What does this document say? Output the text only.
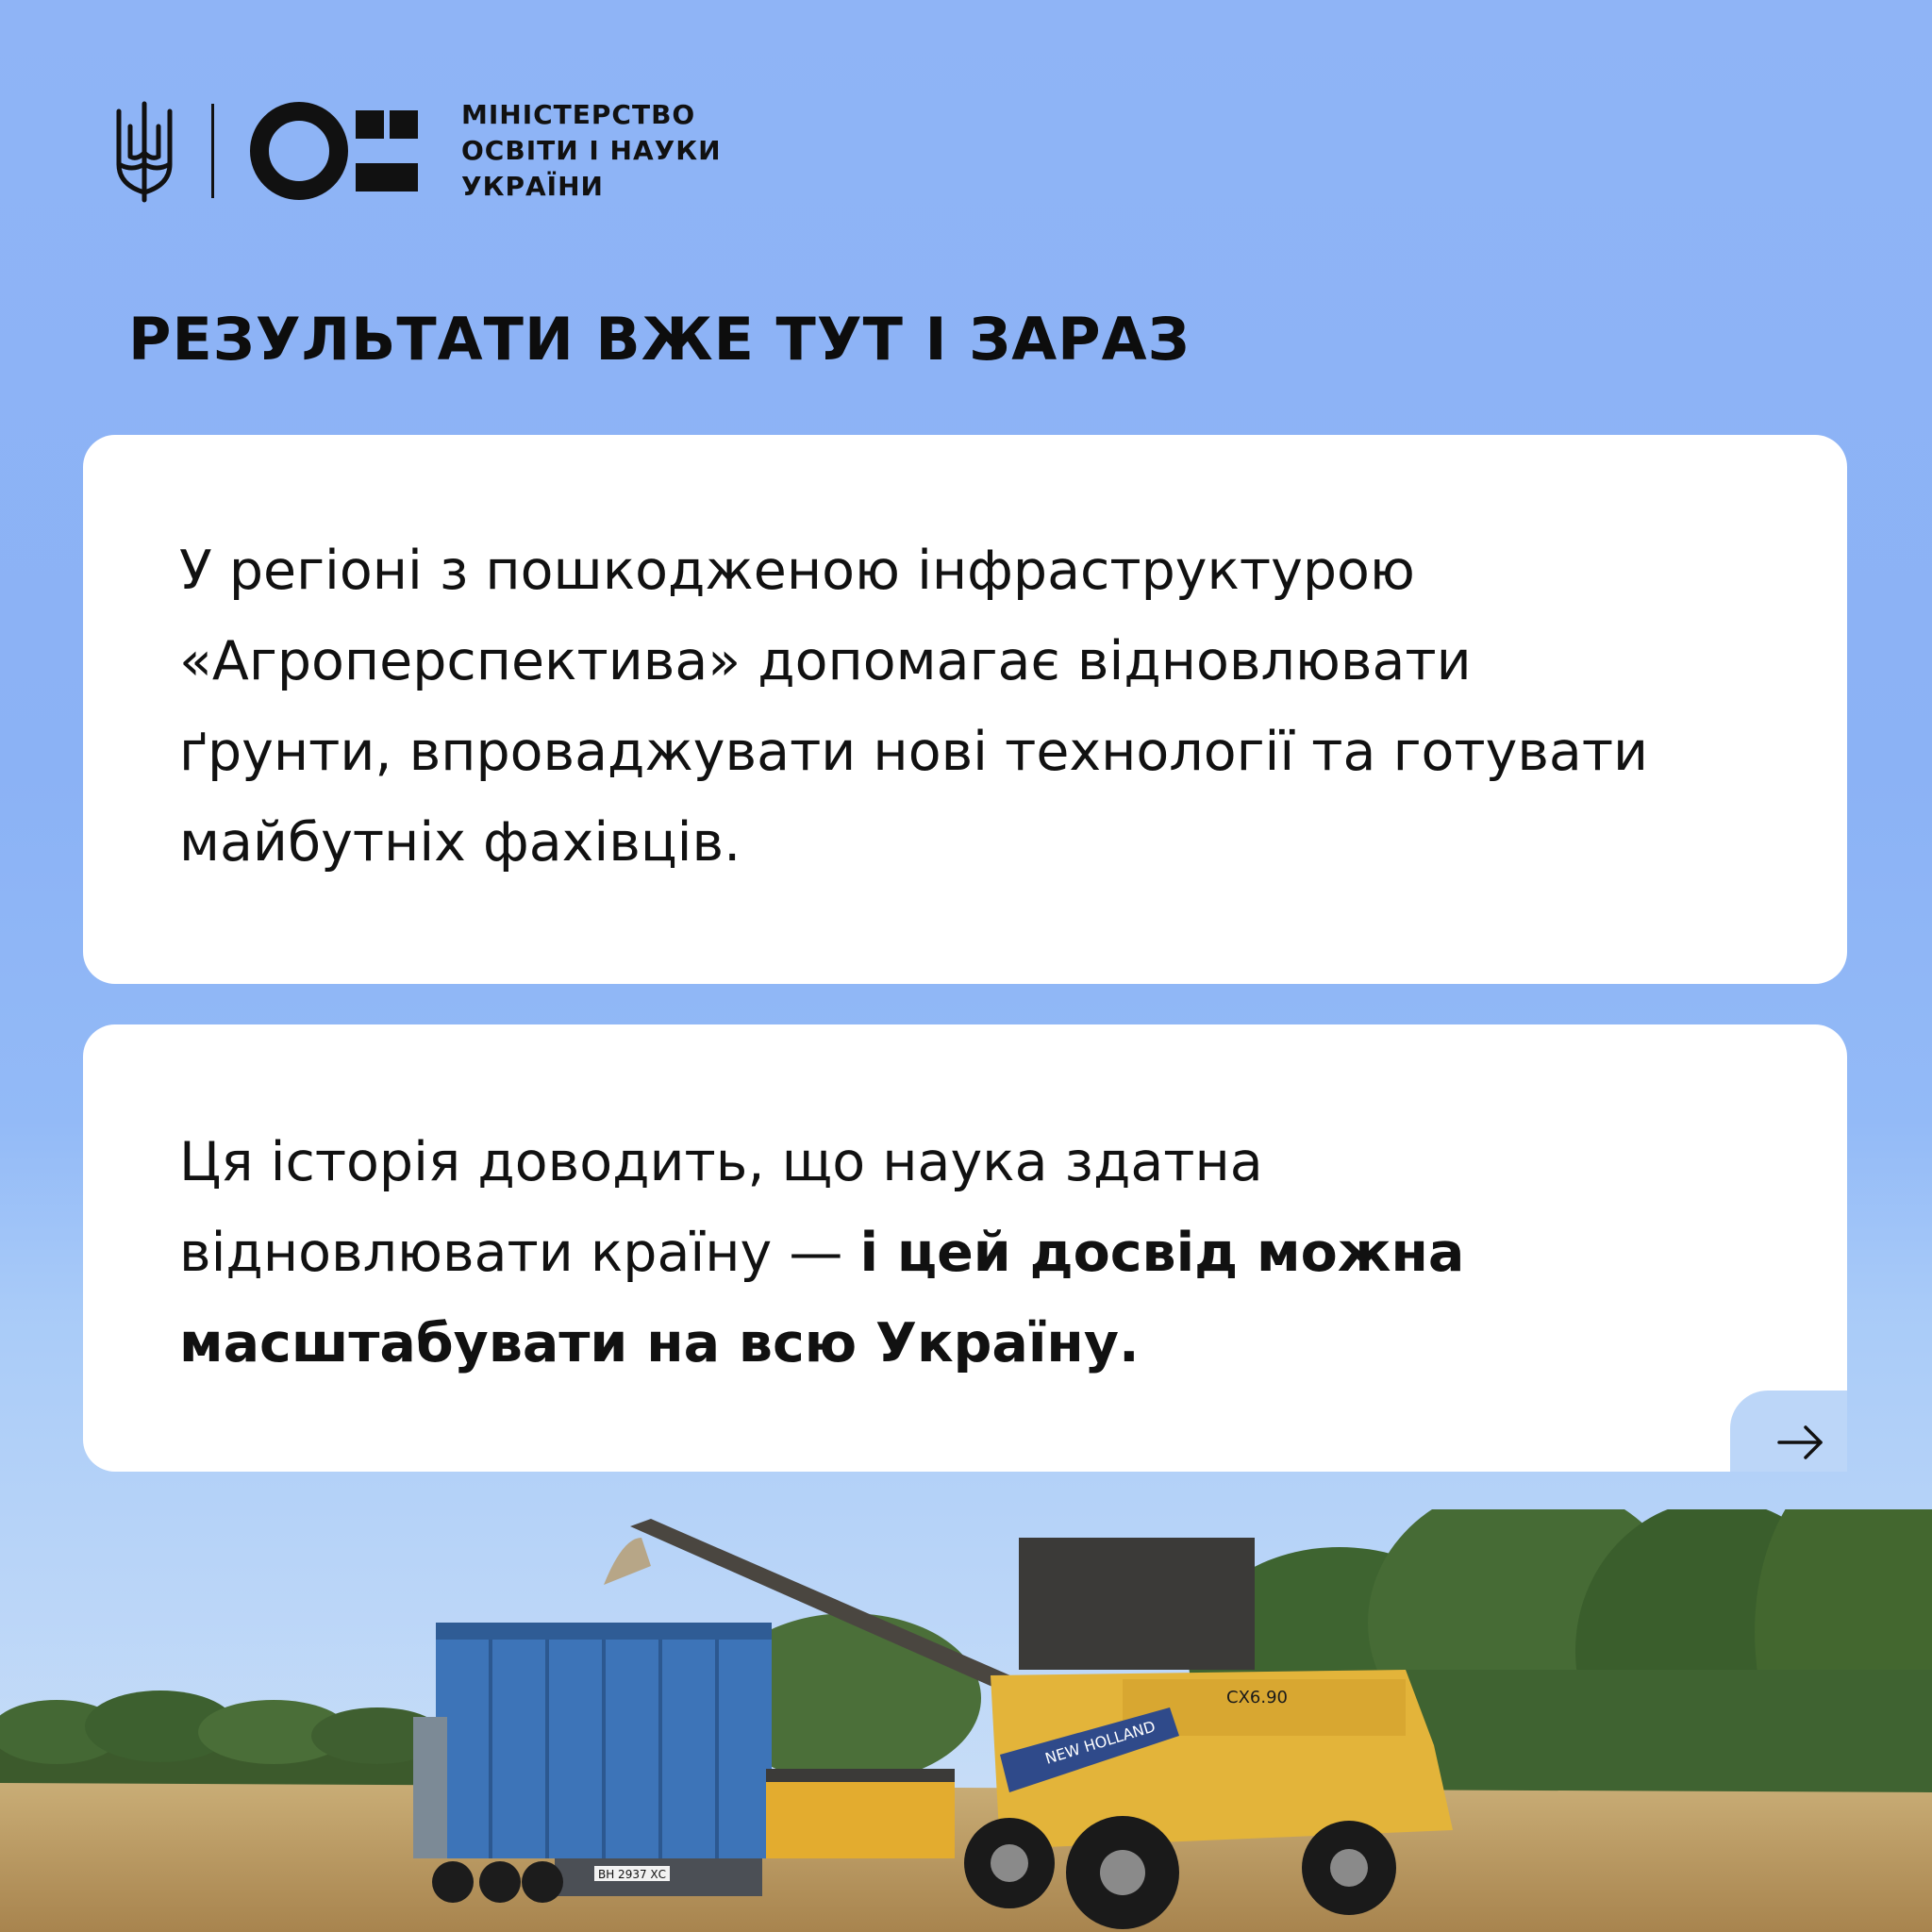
МІНІСТЕРСТВО
ОСВІТИ І НАУКИ
УКРАЇНИ
РЕЗУЛЬТАТИ ВЖЕ ТУТ І ЗАРАЗ

У регіоні з пошкодженою інфраструктурою
«Агроперспектива» допомагає відновлювати
ґрунти, впроваджувати нові технології та готувати
майбутніх фахівців.

Ця історія доводить, що наука здатна
відновлювати країну — і цей досвід можна
масштабувати на всю Україну.

ВН 2937 ХС
NEW HOLLAND
CX6.90
